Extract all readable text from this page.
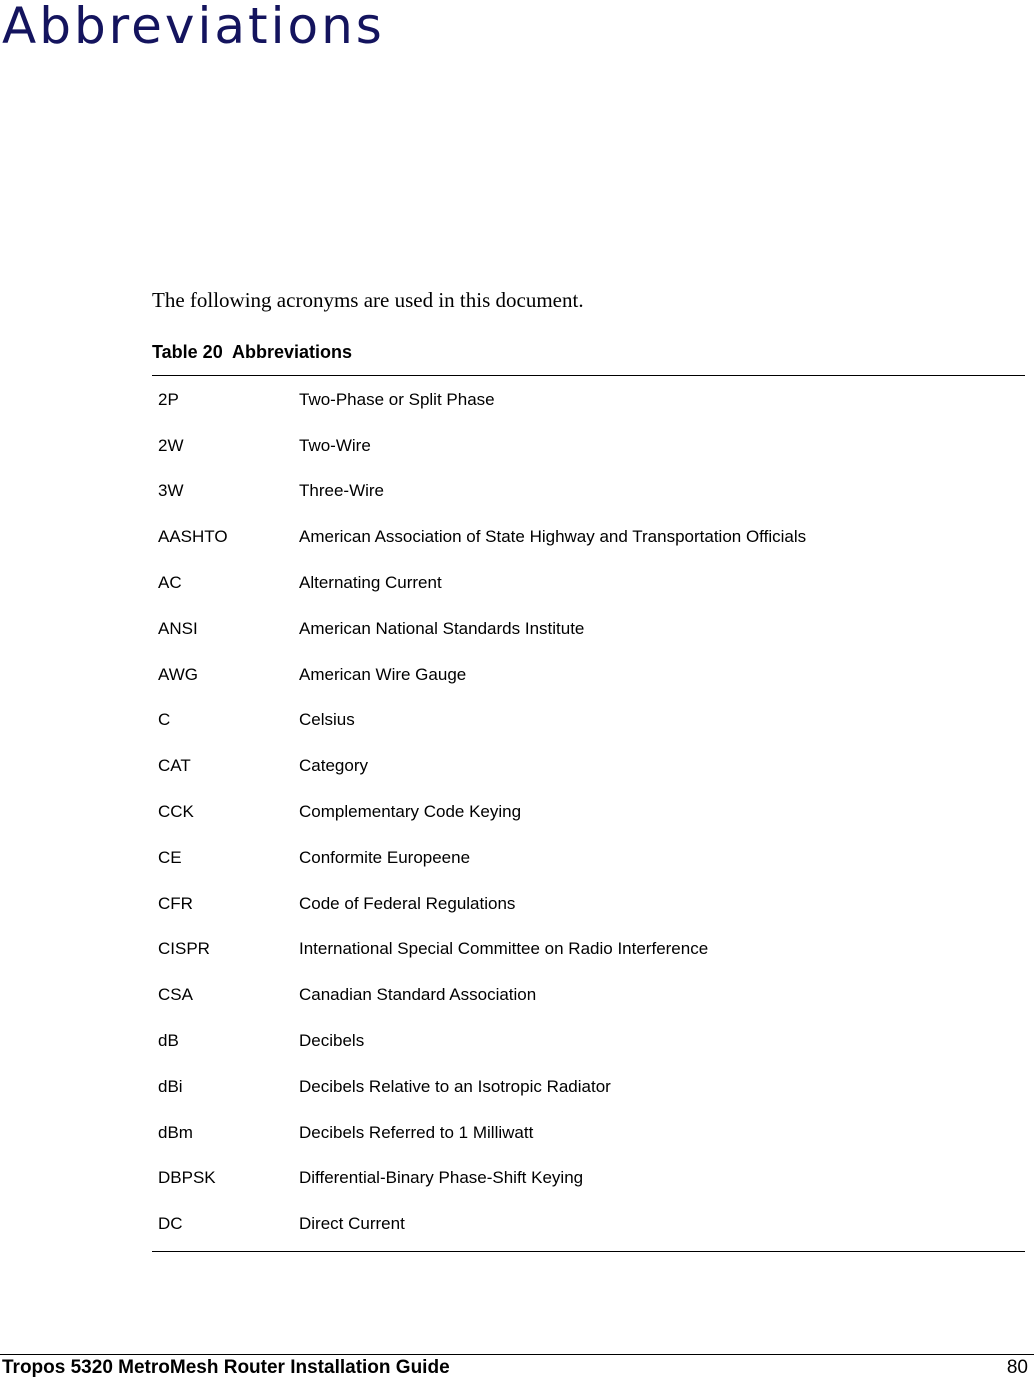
Abbreviations

The following acronyms are used in this document.

Table 20  Abbreviations
2P	Two-Phase or Split Phase
2W	Two-Wire
3W	Three-Wire
AASHTO	American Association of State Highway and Transportation Officials
AC	Alternating Current
ANSI	American National Standards Institute
AWG	American Wire Gauge
C	Celsius
CAT	Category
CCK	Complementary Code Keying
CE	Conformite Europeene
CFR	Code of Federal Regulations
CISPR	International Special Committee on Radio Interference
CSA	Canadian Standard Association
dB	Decibels
dBi	Decibels Relative to an Isotropic Radiator
dBm	Decibels Referred to 1 Milliwatt
DBPSK	Differential-Binary Phase-Shift Keying
DC	Direct Current
Tropos 5320 MetroMesh Router Installation Guide	80
